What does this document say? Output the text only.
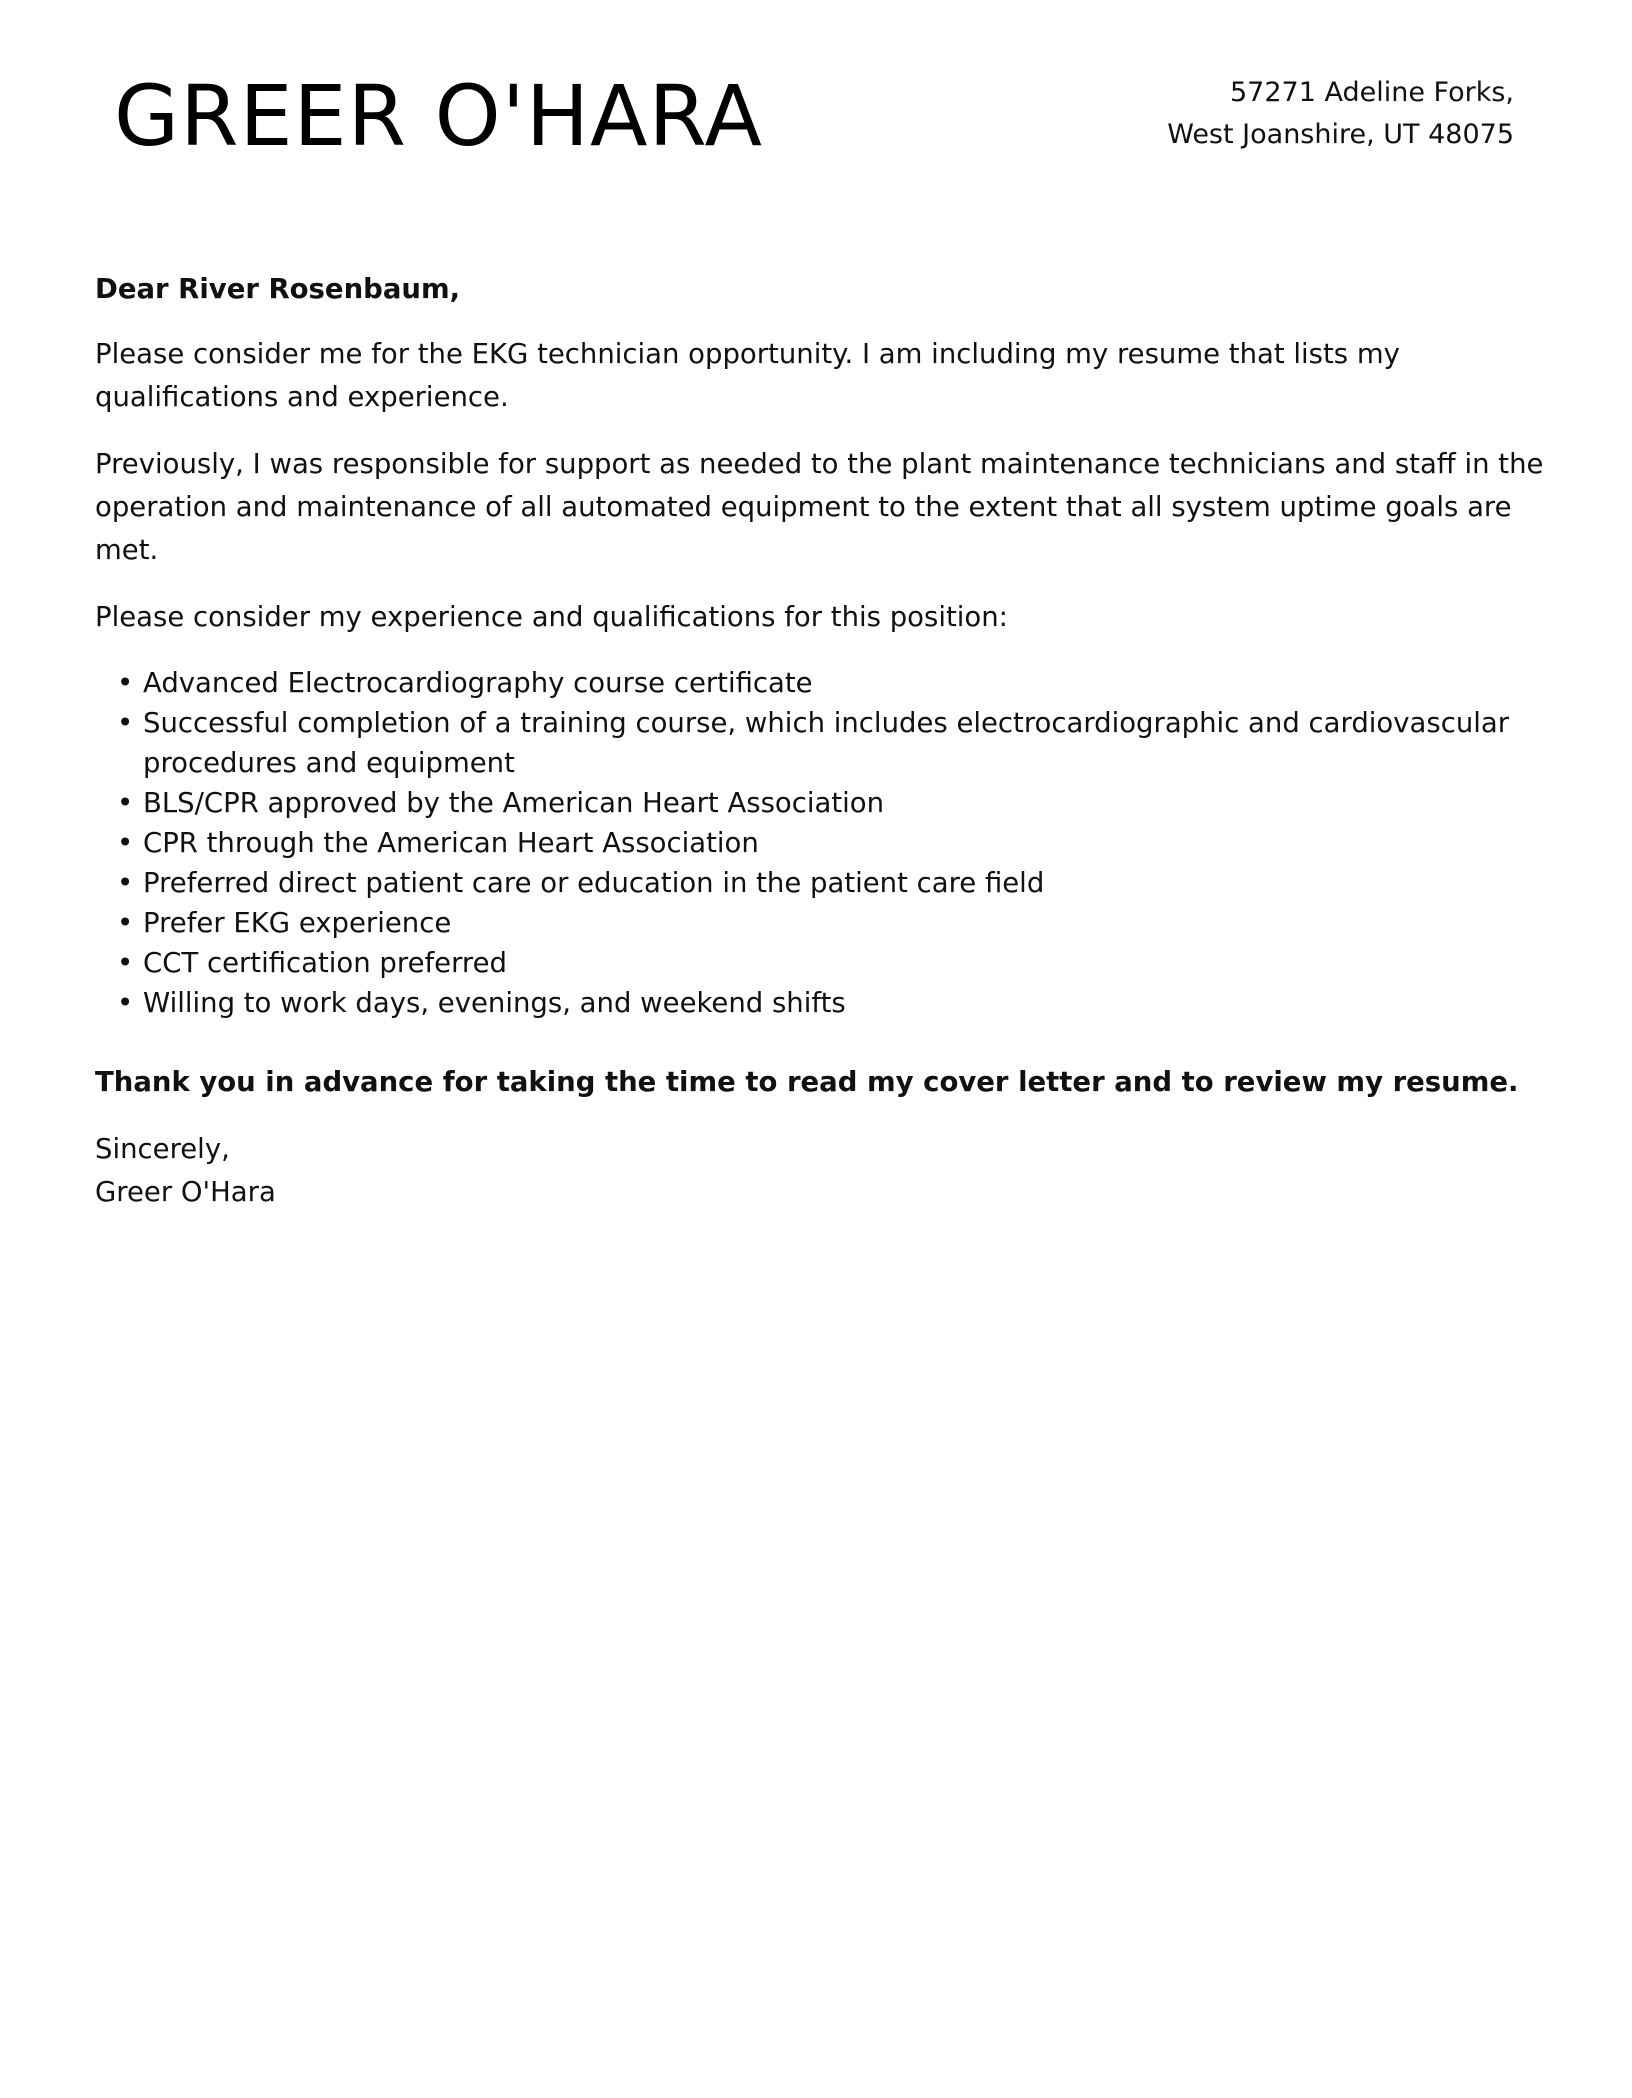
GREER O'HARA	57271 Adeline Forks,
West Joanshire, UT 48075

Dear River Rosenbaum,

Please consider me for the EKG technician opportunity. I am including my resume that lists my qualifications and experience.

Previously, I was responsible for support as needed to the plant maintenance technicians and staff in the operation and maintenance of all automated equipment to the extent that all system uptime goals are met.

Please consider my experience and qualifications for this position:

• Advanced Electrocardiography course certificate
• Successful completion of a training course, which includes electrocardiographic and cardiovascular procedures and equipment
• BLS/CPR approved by the American Heart Association
• CPR through the American Heart Association
• Preferred direct patient care or education in the patient care field
• Prefer EKG experience
• CCT certification preferred
• Willing to work days, evenings, and weekend shifts

Thank you in advance for taking the time to read my cover letter and to review my resume.

Sincerely,
Greer O'Hara
